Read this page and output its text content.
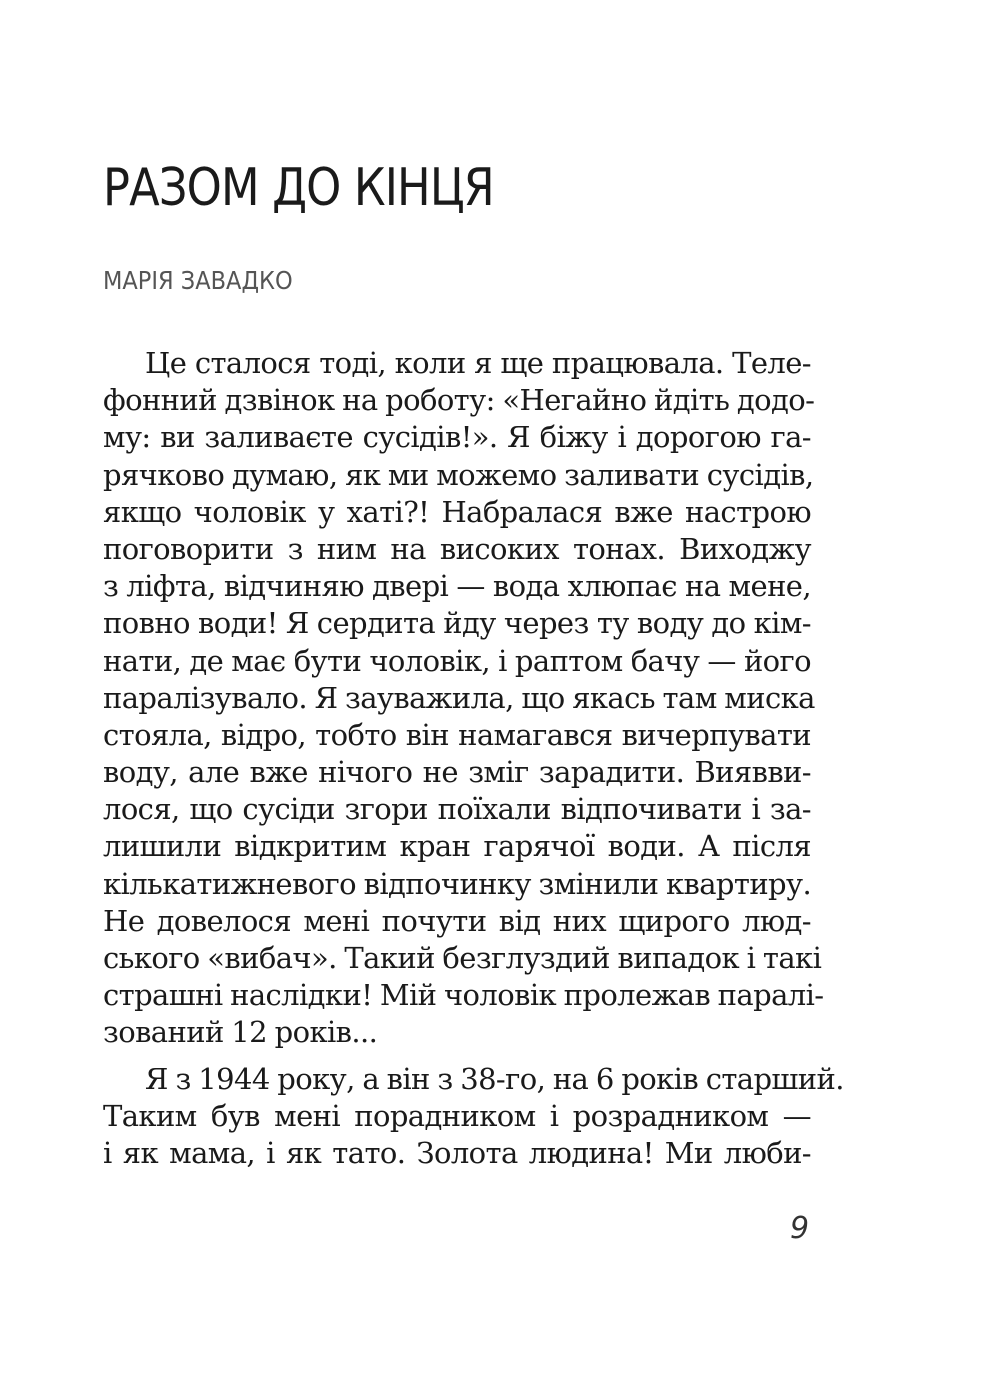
РАЗОМ ДО КІНЦЯ
МАРІЯ ЗАВАДКО

Це сталося тоді, коли я ще працювала. Теле-
фонний дзвінок на роботу: «Негайно йдіть додо-
му: ви заливаєте сусідів!». Я біжу і дорогою га-
рячково думаю, як ми можемо заливати сусідів,
якщо чоловік у хаті?! Набралася вже настрою
поговорити з ним на високих тонах. Виходжу
з ліфта, відчиняю двері — вода хлюпає на мене,
повно води! Я сердита йду через ту воду до кім-
нати, де має бути чоловік, і раптом бачу — його
паралізувало. Я зауважила, що якась там миска
стояла, відро, тобто він намагався вичерпувати
воду, але вже нічого не зміг зарадити. Виявви-
лося, що сусіди згори поїхали відпочивати і за-
лишили відкритим кран гарячої води. А після
кількатижневого відпочинку змінили квартиру.
Не довелося мені почути від них щирого люд-
ського «вибач». Такий безглуздий випадок і такі
страшні наслідки! Мій чоловік пролежав паралі-
зований 12 років...

Я з 1944 року, а він з 38-го, на 6 років старший.
Таким був мені порадником і розрадником —
і як мама, і як тато. Золота людина! Ми люби-

9
